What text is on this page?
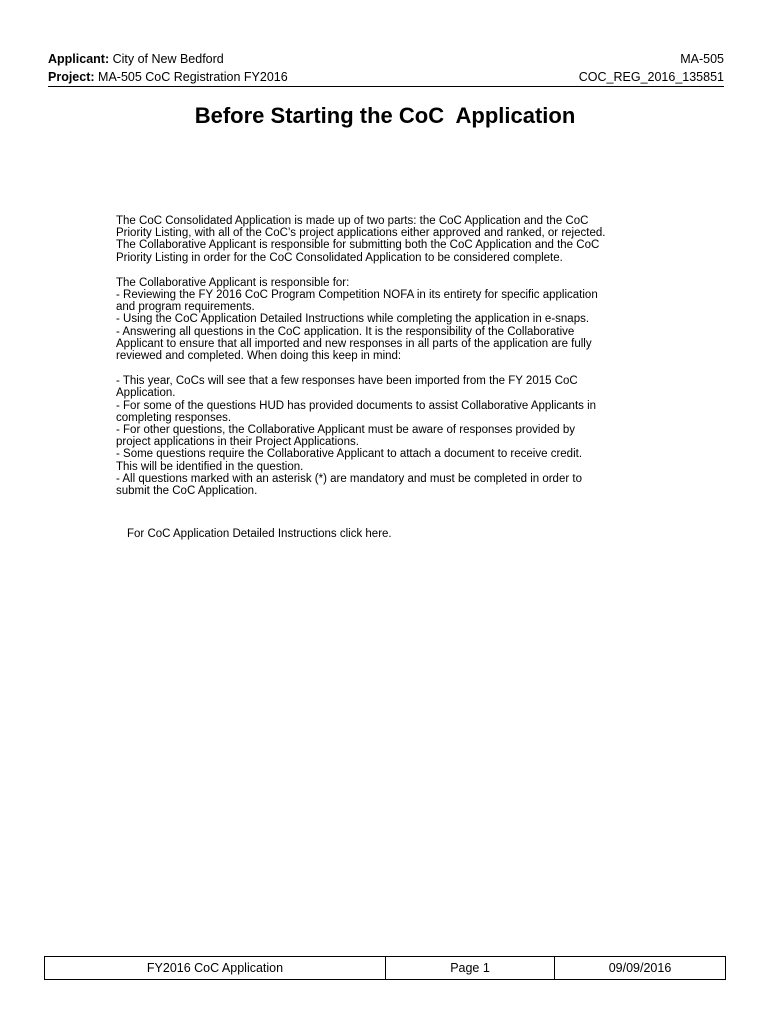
Applicant: City of New Bedford	MA-505
Project: MA-505 CoC Registration FY2016	COC_REG_2016_135851
Before Starting the CoC  Application

The CoC Consolidated Application is made up of two parts: the CoC Application and the CoC

Priority Listing, with all of the CoC’s project applications either approved and ranked, or rejected.

The Collaborative Applicant is responsible for submitting both the CoC Application and the CoC

Priority Listing in order for the CoC Consolidated Application to be considered complete.

The Collaborative Applicant is responsible for:

- Reviewing the FY 2016 CoC Program Competition NOFA in its entirety for specific application

and program requirements.

- Using the CoC Application Detailed Instructions while completing the application in e-snaps.

- Answering all questions in the CoC application. It is the responsibility of the Collaborative

Applicant to ensure that all imported and new responses in all parts of the application are fully

reviewed and completed. When doing this keep in mind:

- This year, CoCs will see that a few responses have been imported from the FY 2015 CoC

Application.

- For some of the questions HUD has provided documents to assist Collaborative Applicants in

completing responses.

- For other questions, the Collaborative Applicant must be aware of responses provided by

project applications in their Project Applications.

- Some questions require the Collaborative Applicant to attach a document to receive credit.

This will be identified in the question.

- All questions marked with an asterisk (*) are mandatory and must be completed in order to

submit the CoC Application.

For CoC Application Detailed Instructions click here.
FY2016 CoC Application	Page 1	09/09/2016
